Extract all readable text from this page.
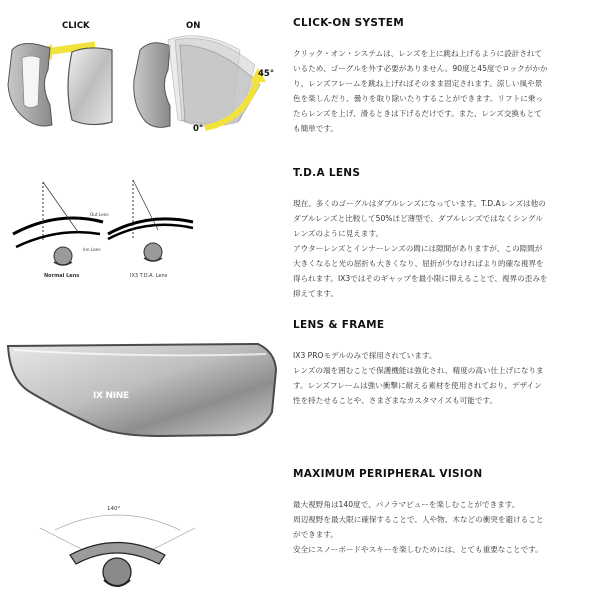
CLICK	ON
45°
0°
Out Lens
Inn Lens
Normal Lens	IX3 T.D.A. Lens
IX NINE
140°
CLICK-ON SYSTEM

クリック・オン・システムは、レンズを上に跳ね上げるように設計されて
いるため、ゴーグルを外す必要がありません。90度と45度でロックがかか
り、レンズフレームを跳ね上げればそのまま固定されます。涼しい風や景
色を楽しんだり、曇りを取り除いたりすることができます。リフトに乗っ
たらレンズを上げ、滑るときは下げるだけです。また、レンズ交換もとて
も簡単です。

T.D.A LENS

現在、多くのゴーグルはダブルレンズになっています。T.D.Aレンズは他の
ダブルレンズと比較して50%ほど薄型で、ダブルレンズではなくシングル
レンズのように見えます。
アウターレンズとインナーレンズの間には隙間がありますが、この隙間が
大きくなると光の屈折も大きくなり、屈折が少なければより的確な視界を
得られます。IX3ではそのギャップを最小限に抑えることで、視界の歪みを
抑えてます。

LENS & FRAME

IX3 PROモデルのみで採用されています。
レンズの端を囲むことで保護機能は強化され、精度の高い仕上げになりま
す。レンズフレームは強い衝撃に耐える素材を使用されており、デザイン
性を持たせることや、さまざまなカスタマイズも可能です。

MAXIMUM PERIPHERAL VISION

最大視野角は140度で、パノラマビューを楽しむことができます。
周辺視野を最大限に確保することで、人や物、木などの衝突を避けること
ができます。
安全にスノーボードやスキーを楽しむためには、とても重要なことです。
